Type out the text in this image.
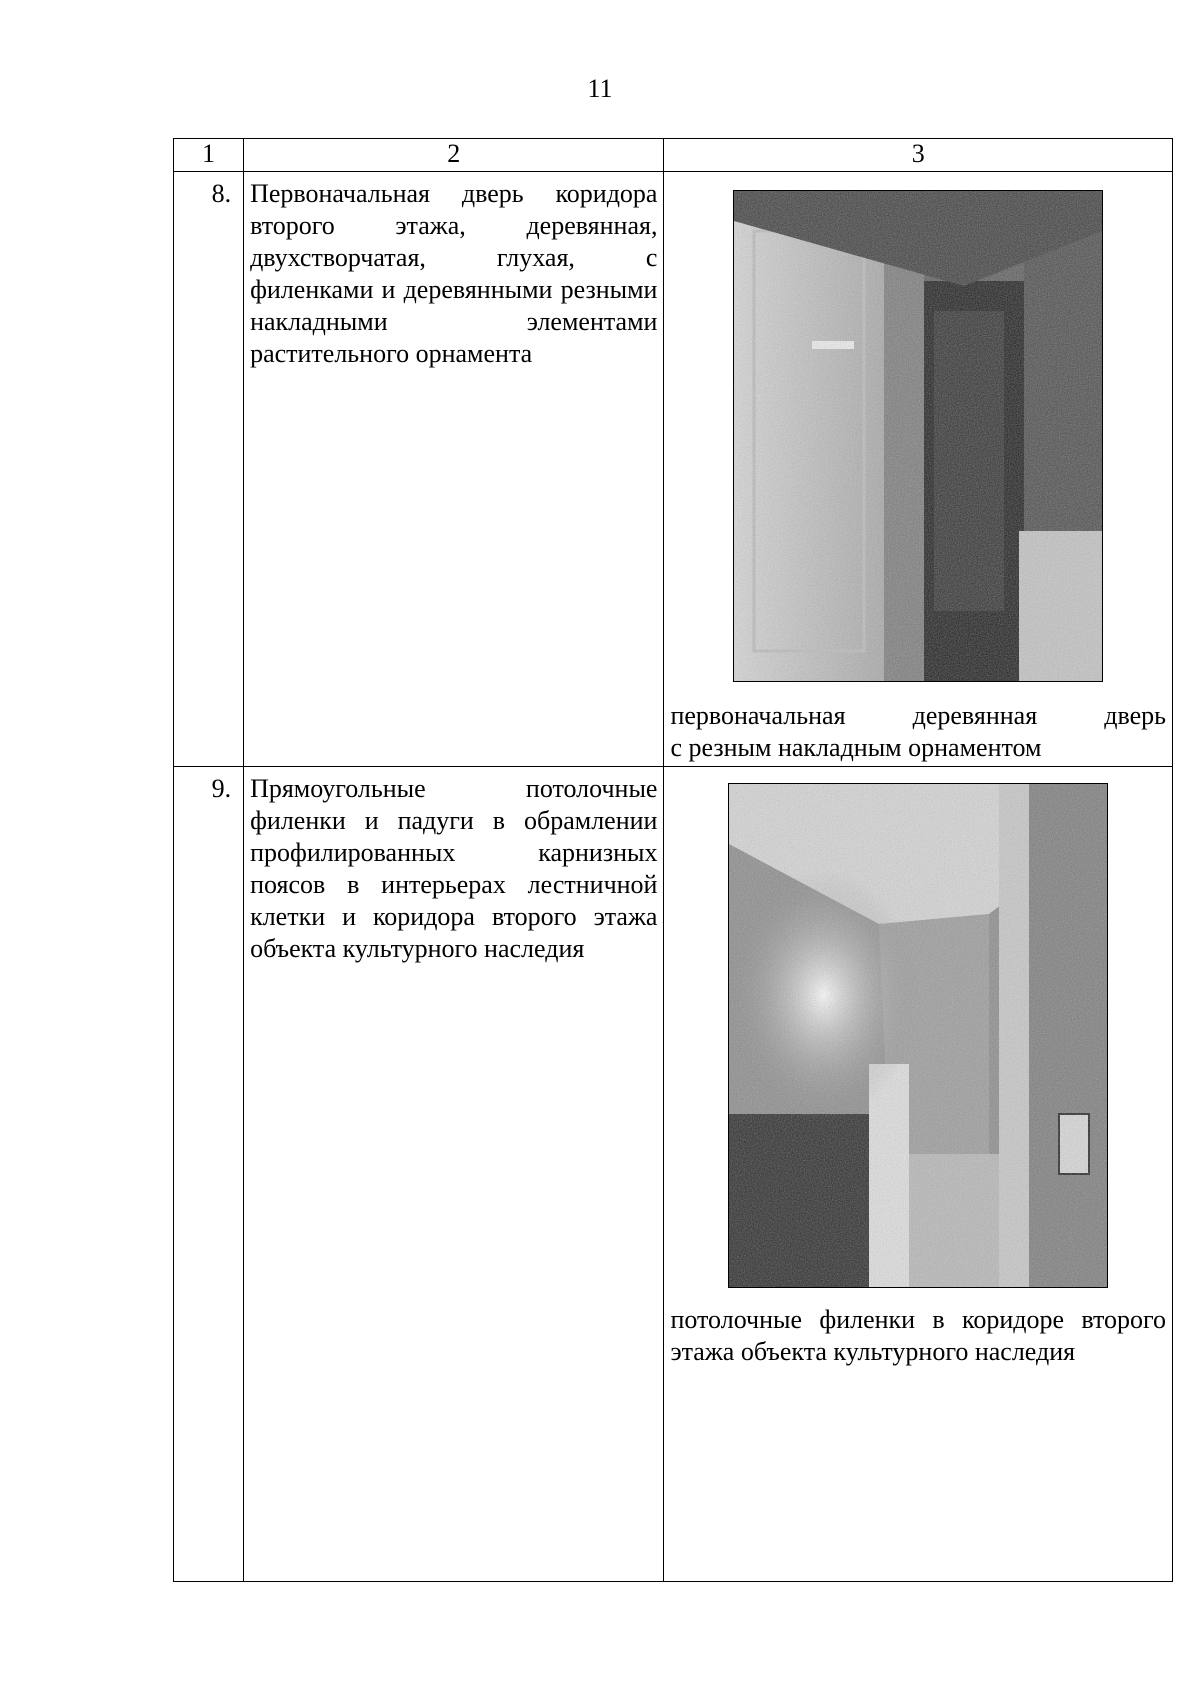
11
1	2	3
8.	Первоначальная дверь коридора второго этажа, деревянная, двухстворчатая, глухая, с филенками и деревянными резными накладными элементами растительного орнамента	первоначальная деревянная дверь

с резным накладным орнаментом

9.	Прямоугольные потолочные филенки и падуги в обрамлении профилированных карнизных поясов в интерьерах лестничной клетки и коридора второго этажа объекта культурного наследия	потолочные филенки в коридоре второго

этажа объекта культурного наследия
